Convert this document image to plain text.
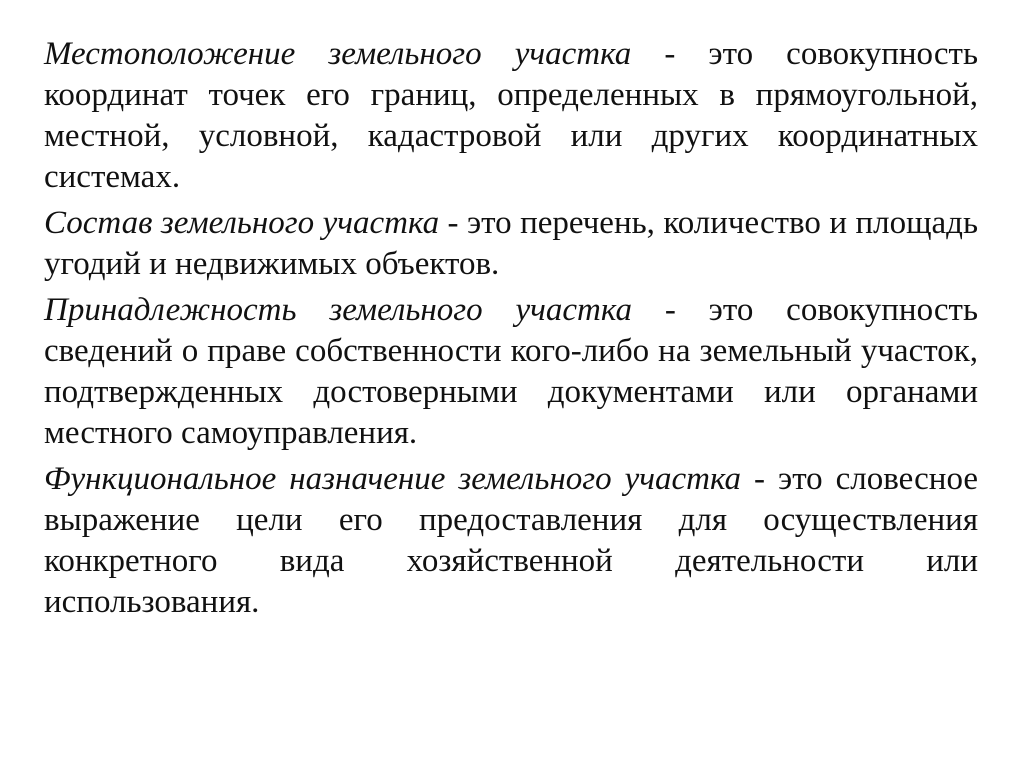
Местоположение земельного участка - это совокупность координат точек его границ, определенных в прямоугольной, местной, условной, кадастровой или других координатных системах.

Состав земельного участка - это перечень, количество и площадь угодий и недвижимых объектов.

Принадлежность земельного участка - это совокупность сведений о праве собственности кого-либо на земельный участок, подтвержденных достоверными документами или органами местного самоуправления.

Функциональное назначение земельного участка - это словесное выражение цели его предоставления для осуществления конкретного вида хозяйственной деятельности или использования.
